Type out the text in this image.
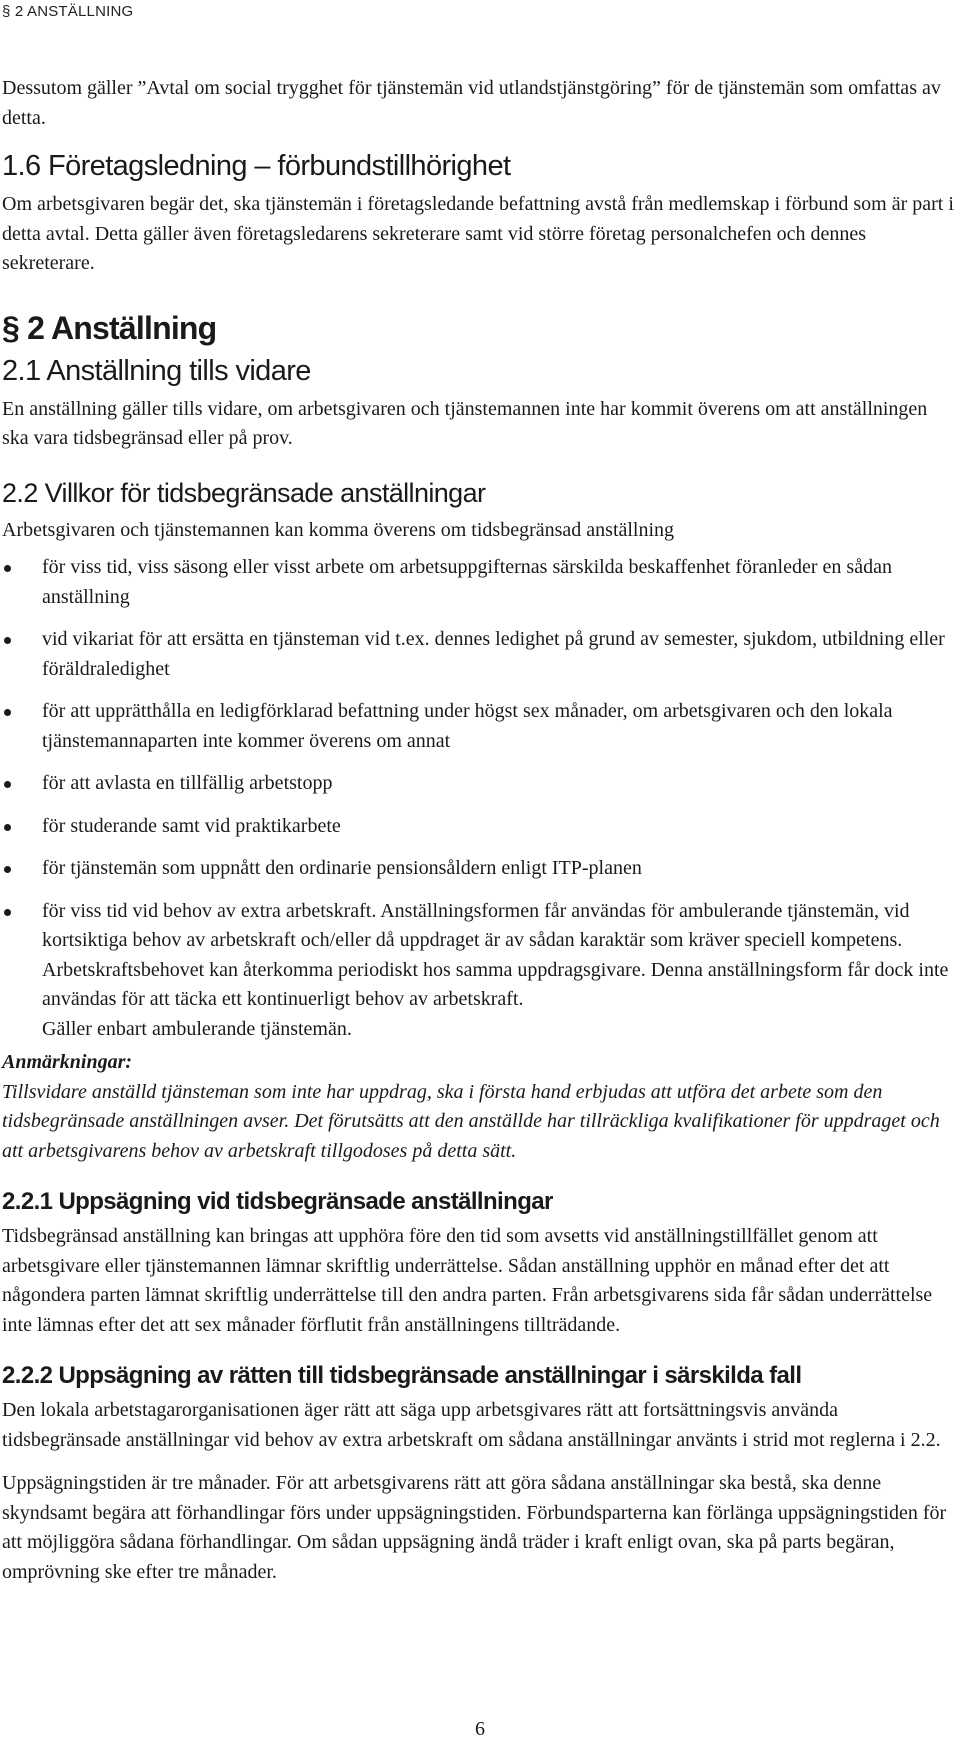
§ 2 ANSTÄLLNING

Dessutom gäller ”Avtal om social trygghet för tjänstemän vid utlandstjänstgöring” för de tjänstemän som omfattas av detta.

1.6 Företagsledning – förbundstillhörighet

Om arbetsgivaren begär det, ska tjänstemän i företagsledande befattning avstå från medlemskap i förbund som är part i detta avtal. Detta gäller även företagsledarens sekreterare samt vid större företag personalchefen och dennes sekreterare.

§ 2 Anställning
2.1 Anställning tills vidare

En anställning gäller tills vidare, om arbetsgivaren och tjänstemannen inte har kommit överens om att anställningen ska vara tidsbegränsad eller på prov.

2.2 Villkor för tidsbegränsade anställningar

Arbetsgivaren och tjänstemannen kan komma överens om tidsbegränsad anställning

för viss tid, viss säsong eller visst arbete om arbetsuppgifternas särskilda beskaffenhet föranleder en sådan anställning
vid vikariat för att ersätta en tjänsteman vid t.ex. dennes ledighet på grund av semester, sjukdom, utbildning eller föräldraledighet
för att upprätthålla en ledigförklarad befattning under högst sex månader, om arbetsgivaren och den lokala tjänstemannaparten inte kommer överens om annat
för att avlasta en tillfällig arbetstopp
för studerande samt vid praktikarbete
för tjänstemän som uppnått den ordinarie pensionsåldern enligt ITP‑planen
för viss tid vid behov av extra arbetskraft. Anställningsformen får användas för ambulerande tjänstemän, vid kortsiktiga behov av arbetskraft och/eller då uppdraget är av sådan karaktär som kräver speciell kompetens. Arbetskraftsbehovet kan återkomma periodiskt hos samma uppdragsgivare. Denna anställningsform får dock inte användas för att täcka ett kontinuerligt behov av arbetskraft.
Gäller enbart ambulerande tjänstemän.

Anmärkningar:

Tillsvidare anställd tjänsteman som inte har uppdrag, ska i första hand erbjudas att utföra det arbete som den tidsbegränsade anställningen avser. Det förutsätts att den anställde har tillräckliga kvalifikationer för uppdraget och att arbetsgivarens behov av arbetskraft tillgodoses på detta sätt.

2.2.1 Uppsägning vid tidsbegränsade anställningar

Tidsbegränsad anställning kan bringas att upphöra före den tid som avsetts vid anställningstillfället genom att arbetsgivare eller tjänstemannen lämnar skriftlig underrättelse. Sådan anställning upphör en månad efter det att någondera parten lämnat skriftlig underrättelse till den andra parten. Från arbetsgivarens sida får sådan underrättelse inte lämnas efter det att sex månader förflutit från anställningens tillträdande.

2.2.2 Uppsägning av rätten till tidsbegränsade anställningar i särskilda fall

Den lokala arbetstagarorganisationen äger rätt att säga upp arbetsgivares rätt att fortsättningsvis använda tidsbegränsade anställningar vid behov av extra arbetskraft om sådana anställningar använts i strid mot reglerna i 2.2.

Uppsägningstiden är tre månader. För att arbetsgivarens rätt att göra sådana anställningar ska bestå, ska denne skyndsamt begära att förhandlingar förs under uppsägningstiden. Förbundsparterna kan förlänga uppsägningstiden för att möjliggöra sådana förhandlingar. Om sådan uppsägning ändå träder i kraft enligt ovan, ska på parts begäran, omprövning ske efter tre månader.

6
